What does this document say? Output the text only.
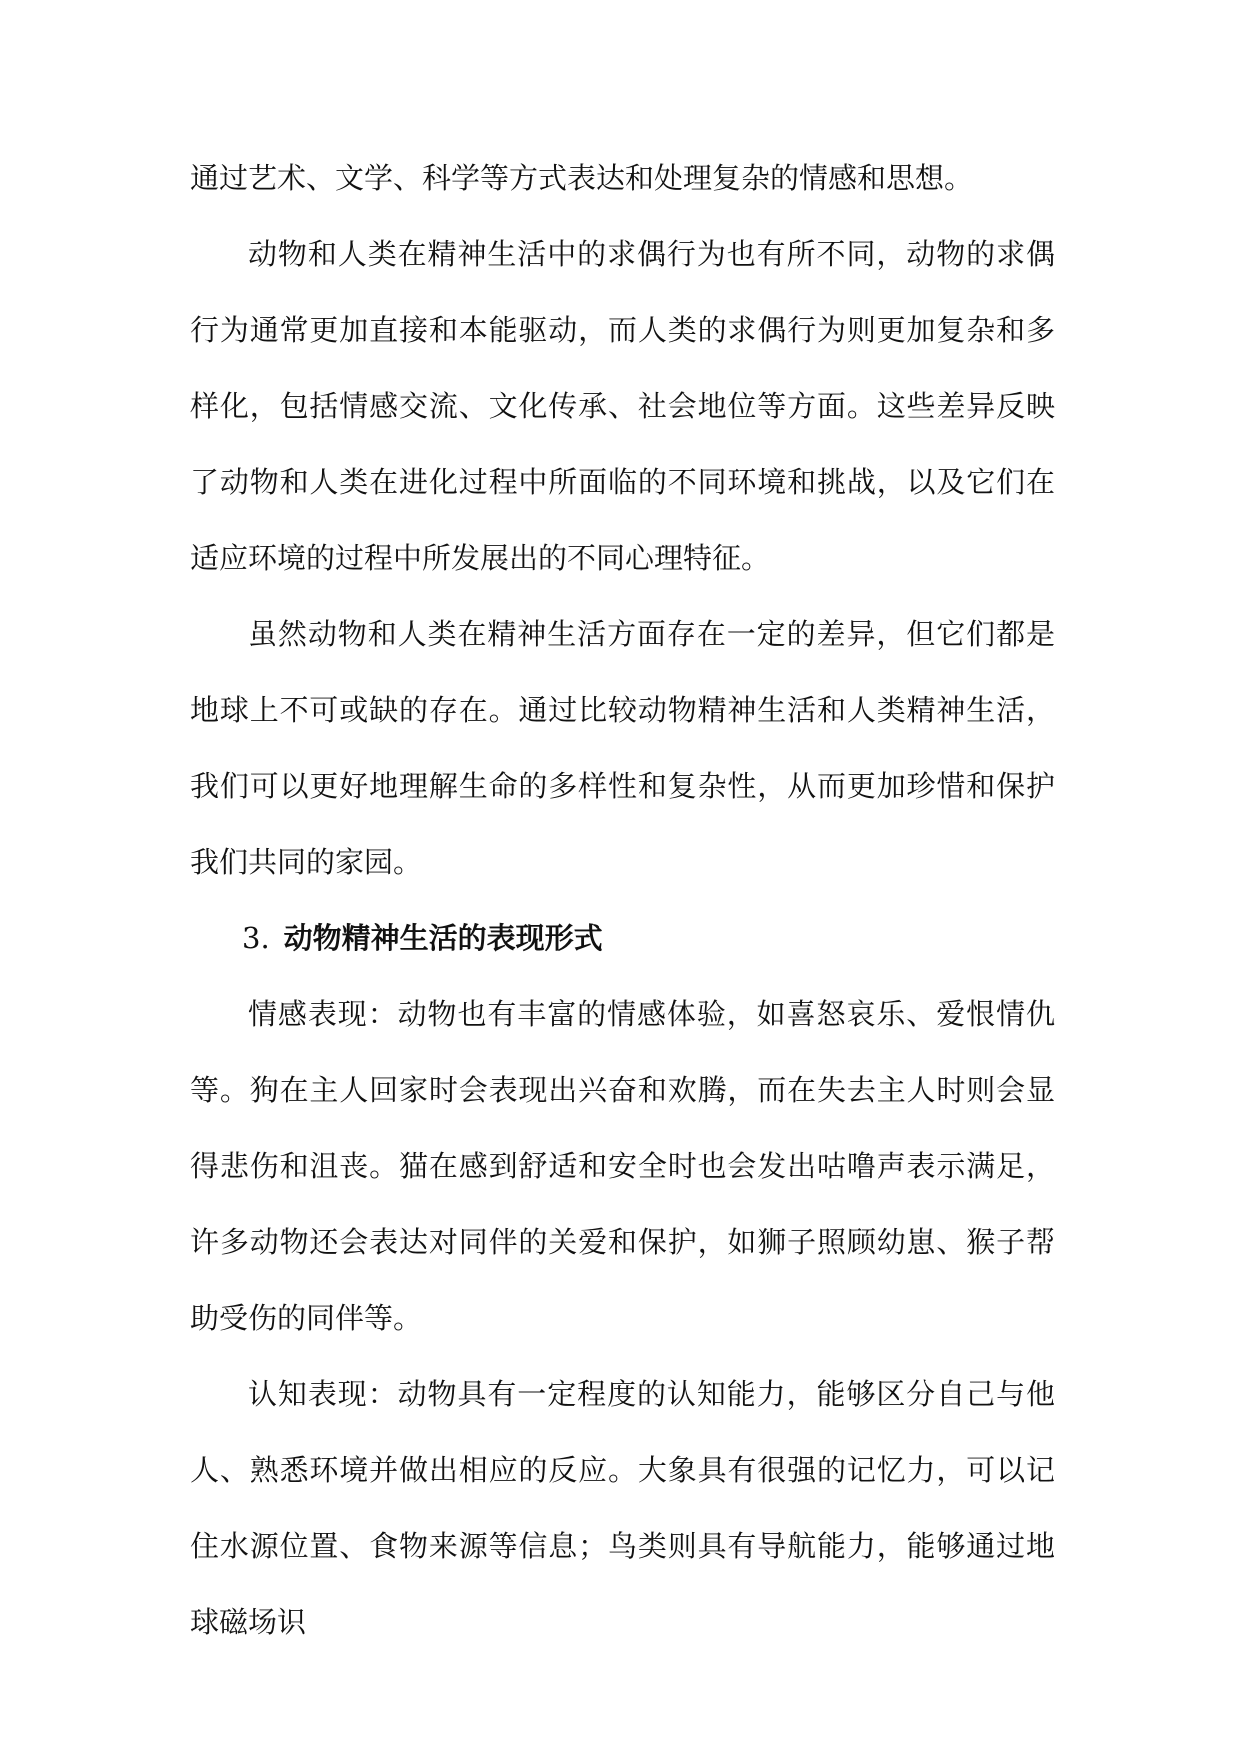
通过艺术、文学、科学等方式表达和处理复杂的情感和思想。

动物和人类在精神生活中的求偶行为也有所不同，动物的求偶行为通常更加直接和本能驱动，而人类的求偶行为则更加复杂和多样化，包括情感交流、文化传承、社会地位等方面。这些差异反映了动物和人类在进化过程中所面临的不同环境和挑战，以及它们在适应环境的过程中所发展出的不同心理特征。

虽然动物和人类在精神生活方面存在一定的差异，但它们都是地球上不可或缺的存在。通过比较动物精神生活和人类精神生活，我们可以更好地理解生命的多样性和复杂性，从而更加珍惜和保护我们共同的家园。

3. 动物精神生活的表现形式

情感表现：动物也有丰富的情感体验，如喜怒哀乐、爱恨情仇等。狗在主人回家时会表现出兴奋和欢腾，而在失去主人时则会显得悲伤和沮丧。猫在感到舒适和安全时也会发出咕噜声表示满足，许多动物还会表达对同伴的关爱和保护，如狮子照顾幼崽、猴子帮助受伤的同伴等。

认知表现：动物具有一定程度的认知能力，能够区分自己与他人、熟悉环境并做出相应的反应。大象具有很强的记忆力，可以记住水源位置、食物来源等信息；鸟类则具有导航能力，能够通过地球磁场识
